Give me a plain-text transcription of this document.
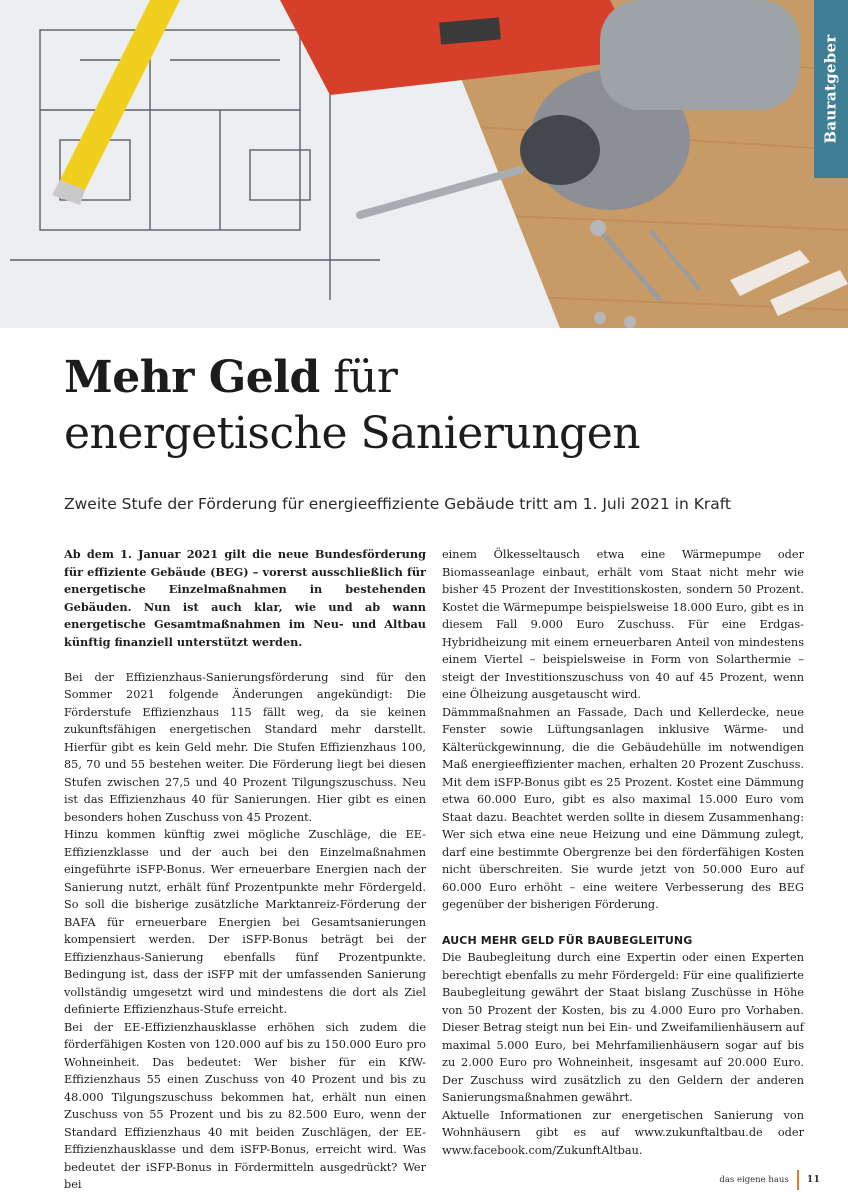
Bauratgeber
Mehr Geld für
energetische Sanierungen

Zweite Stufe der Förderung für energieeffiziente Gebäude tritt am 1. Juli 2021 in Kraft

Ab dem 1. Januar 2021 gilt die neue Bundesförderung für effiziente Gebäude (BEG) – vorerst ausschließlich für energetische Einzelmaßnahmen in bestehenden Gebäuden. Nun ist auch klar, wie und ab wann energetische Gesamtmaßnahmen im Neu- und Altbau künftig finanziell unterstützt werden.

Bei der Effizienzhaus-Sanierungsförderung sind für den Sommer 2021 folgende Änderungen angekündigt: Die Förderstufe Effizienzhaus 115 fällt weg, da sie keinen zukunftsfähigen energetischen Standard mehr darstellt. Hierfür gibt es kein Geld mehr. Die Stufen Effizienzhaus 100, 85, 70 und 55 bestehen weiter. Die Förderung liegt bei diesen Stufen zwischen 27,5 und 40 Prozent Tilgungszuschuss. Neu ist das Effizienzhaus 40 für Sanierungen. Hier gibt es einen besonders hohen Zuschuss von 45 Prozent.

Hinzu kommen künftig zwei mögliche Zuschläge, die EE-Effizienzklasse und der auch bei den Einzelmaßnahmen eingeführte iSFP-Bonus. Wer erneuerbare Energien nach der Sanierung nutzt, erhält fünf Prozentpunkte mehr Fördergeld. So soll die bisherige zusätzliche Marktanreiz-Förderung der BAFA für erneuerbare Energien bei Gesamtsanierungen kompensiert werden. Der iSFP-Bonus beträgt bei der Effizienzhaus-Sanierung ebenfalls fünf Prozentpunkte. Bedingung ist, dass der iSFP mit der umfassenden Sanierung vollständig umgesetzt wird und mindestens die dort als Ziel definierte Effizienzhaus-Stufe erreicht.

Bei der EE-Effizienzhausklasse erhöhen sich zudem die förderfähigen Kosten von 120.000 auf bis zu 150.000 Euro pro Wohneinheit. Das bedeutet: Wer bisher für ein KfW-Effizienzhaus 55 einen Zuschuss von 40 Prozent und bis zu 48.000 Tilgungszuschuss bekommen hat, erhält nun einen Zuschuss von 55 Prozent und bis zu 82.500 Euro, wenn der Standard Effizienzhaus 40 mit beiden Zuschlägen, der EE-Effizienzhausklasse und dem iSFP-Bonus, erreicht wird. Was bedeutet der iSFP-Bonus in Fördermitteln ausgedrückt? Wer bei

einem Ölkesseltausch etwa eine Wärmepumpe oder Biomasseanlage einbaut, erhält vom Staat nicht mehr wie bisher 45 Prozent der Investitionskosten, sondern 50 Prozent. Kostet die Wärmepumpe beispielsweise 18.000 Euro, gibt es in diesem Fall 9.000 Euro Zuschuss. Für eine Erdgas-Hybridheizung mit einem erneuerbaren Anteil von mindestens einem Viertel – beispielsweise in Form von Solarthermie – steigt der Investitionszuschuss von 40 auf 45 Prozent, wenn eine Ölheizung ausgetauscht wird.

Dämmmaßnahmen an Fassade, Dach und Kellerdecke, neue Fenster sowie Lüftungsanlagen inklusive Wärme- und Kälterückgewinnung, die die Gebäudehülle im notwendigen Maß energieeffizienter machen, erhalten 20 Prozent Zuschuss. Mit dem iSFP-Bonus gibt es 25 Prozent. Kostet eine Dämmung etwa 60.000 Euro, gibt es also maximal 15.000 Euro vom Staat dazu. Beachtet werden sollte in diesem Zusammenhang: Wer sich etwa eine neue Heizung und eine Dämmung zulegt, darf eine bestimmte Obergrenze bei den förderfähigen Kosten nicht überschreiten. Sie wurde jetzt von 50.000 Euro auf 60.000 Euro erhöht – eine weitere Verbesserung des BEG gegenüber der bisherigen Förderung.

AUCH MEHR GELD FÜR BAUBEGLEITUNG

Die Baubegleitung durch eine Expertin oder einen Experten berechtigt ebenfalls zu mehr Fördergeld: Für eine qualifizierte Baubegleitung gewährt der Staat bislang Zuschüsse in Höhe von 50 Prozent der Kosten, bis zu 4.000 Euro pro Vorhaben. Dieser Betrag steigt nun bei Ein- und Zweifamilienhäusern auf maximal 5.000 Euro, bei Mehrfamilienhäusern sogar auf bis zu 2.000 Euro pro Wohneinheit, insgesamt auf 20.000 Euro. Der Zuschuss wird zusätzlich zu den Geldern der anderen Sanierungsmaßnahmen gewährt.

Aktuelle Informationen zur energetischen Sanierung von Wohnhäusern gibt es auf www.zukunftaltbau.de oder www.facebook.com/ZukunftAltbau.

das eigene haus	11
